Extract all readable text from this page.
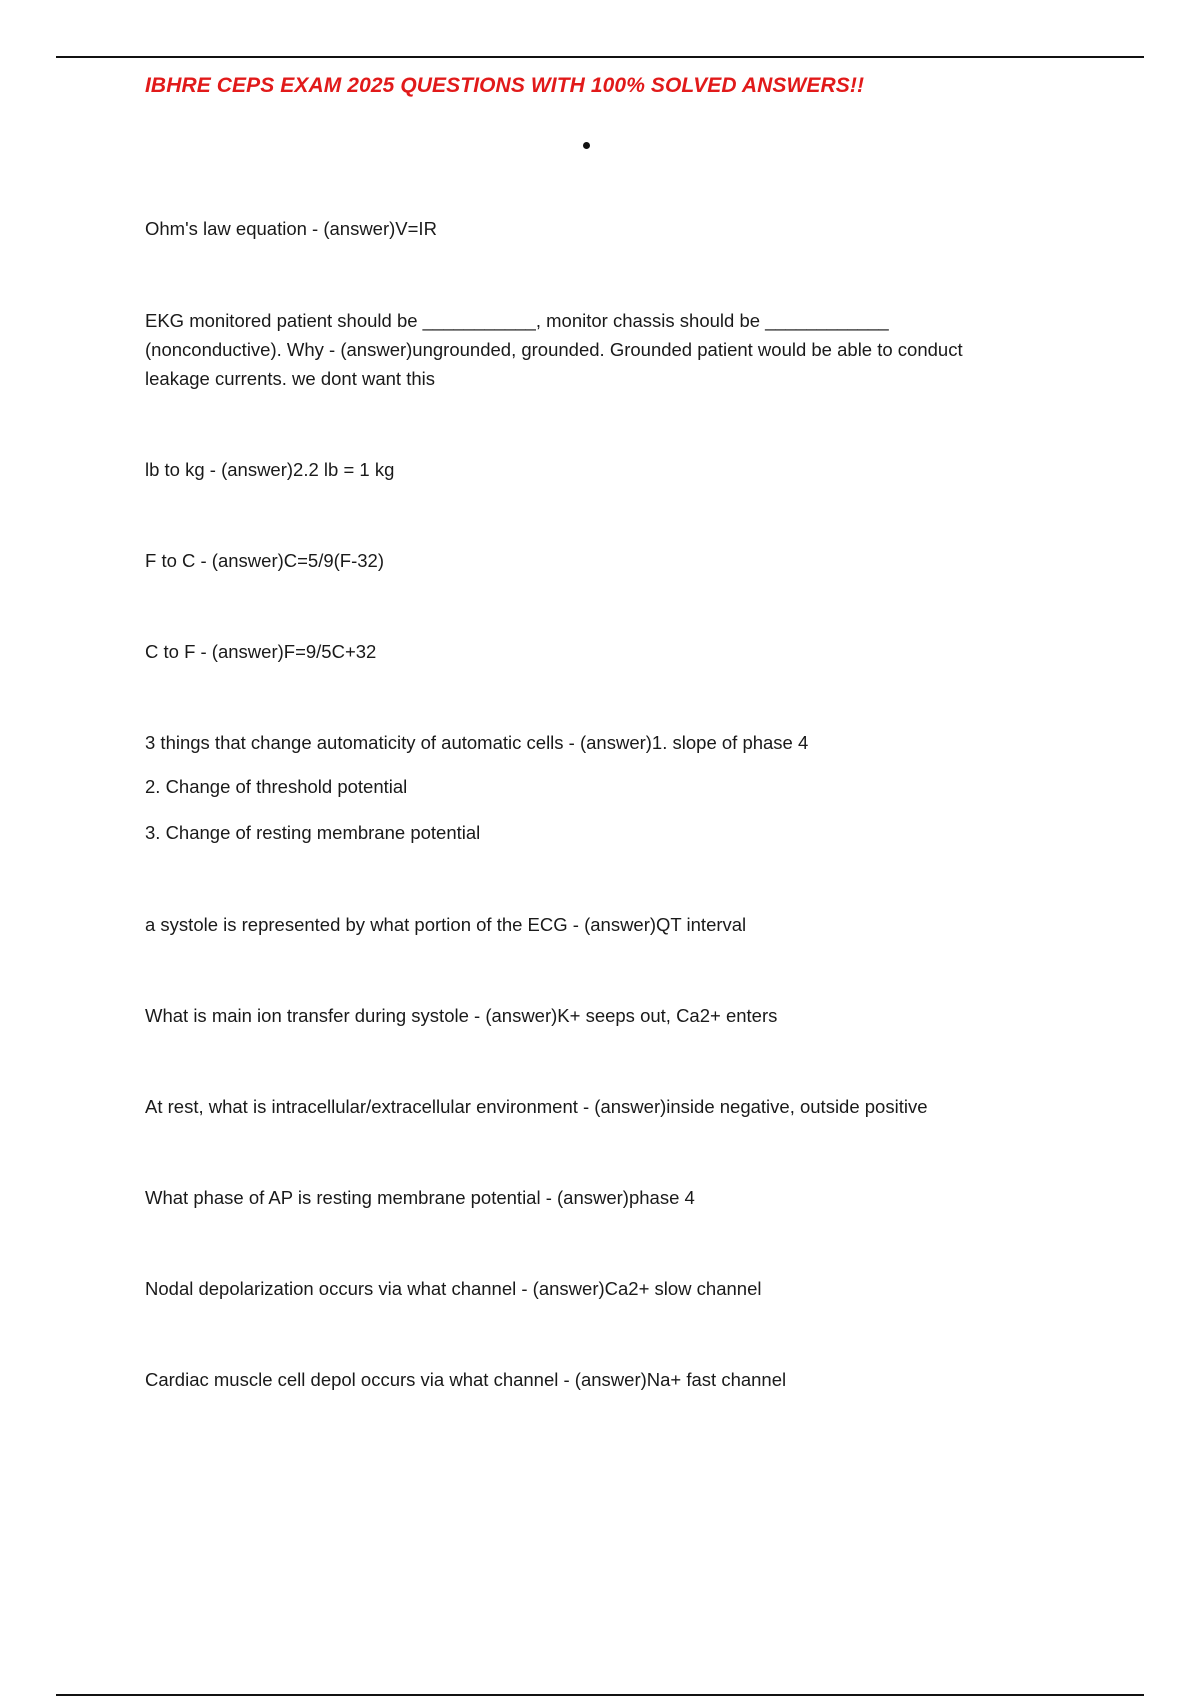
IBHRE CEPS EXAM 2025 QUESTIONS WITH 100% SOLVED ANSWERS!!

Ohm's law equation - (answer)V=IR

EKG monitored patient should be ___________, monitor chassis should be ____________
(nonconductive). Why - (answer)ungrounded, grounded. Grounded patient would be able to conduct
leakage currents. we dont want this

lb to kg - (answer)2.2 lb = 1 kg

F to C - (answer)C=5/9(F-32)

C to F - (answer)F=9/5C+32

3 things that change automaticity of automatic cells - (answer)1. slope of phase 4

2. Change of threshold potential

3. Change of resting membrane potential

a systole is represented by what portion of the ECG - (answer)QT interval

What is main ion transfer during systole - (answer)K+ seeps out, Ca2+ enters

At rest, what is intracellular/extracellular environment - (answer)inside negative, outside positive

What phase of AP is resting membrane potential - (answer)phase 4

Nodal depolarization occurs via what channel - (answer)Ca2+ slow channel

Cardiac muscle cell depol occurs via what channel - (answer)Na+ fast channel
